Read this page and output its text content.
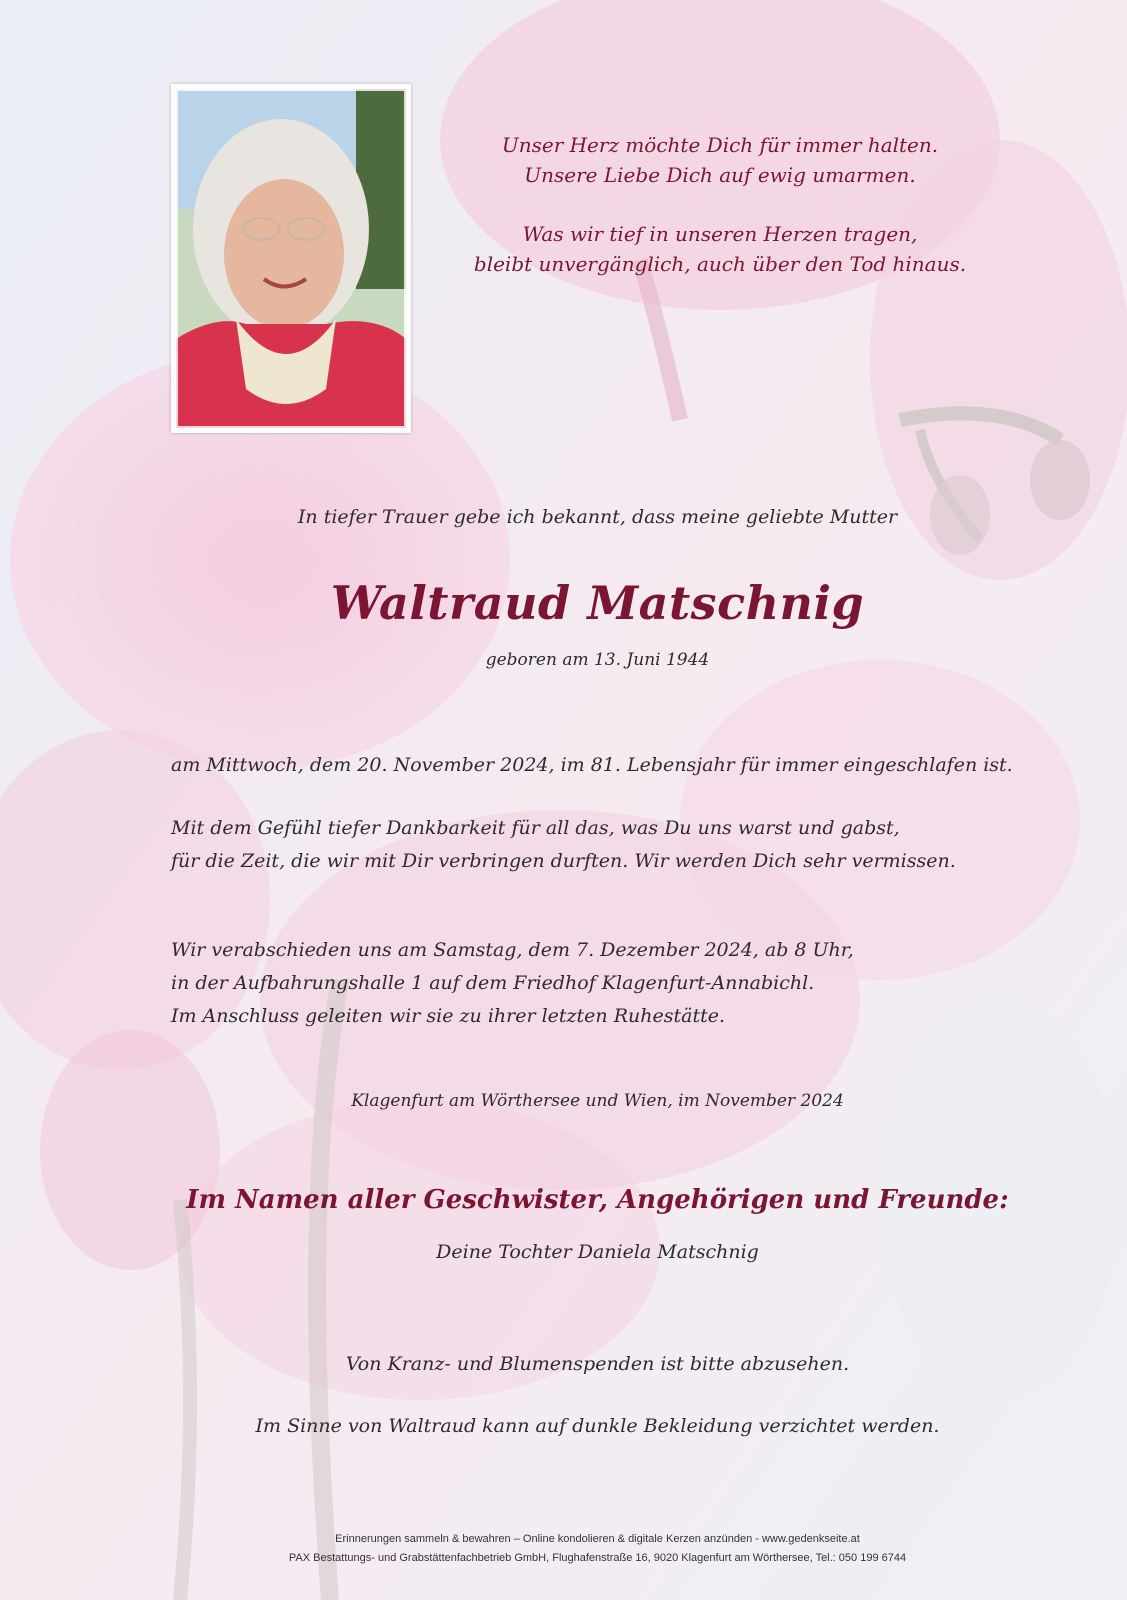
Unser Herz möchte Dich für immer halten.
Unsere Liebe Dich auf ewig umarmen.

Was wir tief in unseren Herzen tragen,
bleibt unvergänglich, auch über den Tod hinaus.

In tiefer Trauer gebe ich bekannt, dass meine geliebte Mutter

Waltraud Matschnig

geboren am 13. Juni 1944

am Mittwoch, dem 20. November 2024, im 81. Lebensjahr für immer eingeschlafen ist.

Mit dem Gefühl tiefer Dankbarkeit für all das, was Du uns warst und gabst,
für die Zeit, die wir mit Dir verbringen durften. Wir werden Dich sehr vermissen.

Wir verabschieden uns am Samstag, dem 7. Dezember 2024, ab 8 Uhr,
in der Aufbahrungshalle 1 auf dem Friedhof Klagenfurt-Annabichl.
Im Anschluss geleiten wir sie zu ihrer letzten Ruhestätte.

Klagenfurt am Wörthersee und Wien, im November 2024

Im Namen aller Geschwister, Angehörigen und Freunde:

Deine Tochter Daniela Matschnig

Von Kranz- und Blumenspenden ist bitte abzusehen.

Im Sinne von Waltraud kann auf dunkle Bekleidung verzichtet werden.

Erinnerungen sammeln & bewahren – Online kondolieren & digitale Kerzen anzünden - www.gedenkseite.at

PAX Bestattungs- und Grabstättenfachbetrieb GmbH, Flughafenstraße 16, 9020 Klagenfurt am Wörthersee, Tel.: 050 199 6744
